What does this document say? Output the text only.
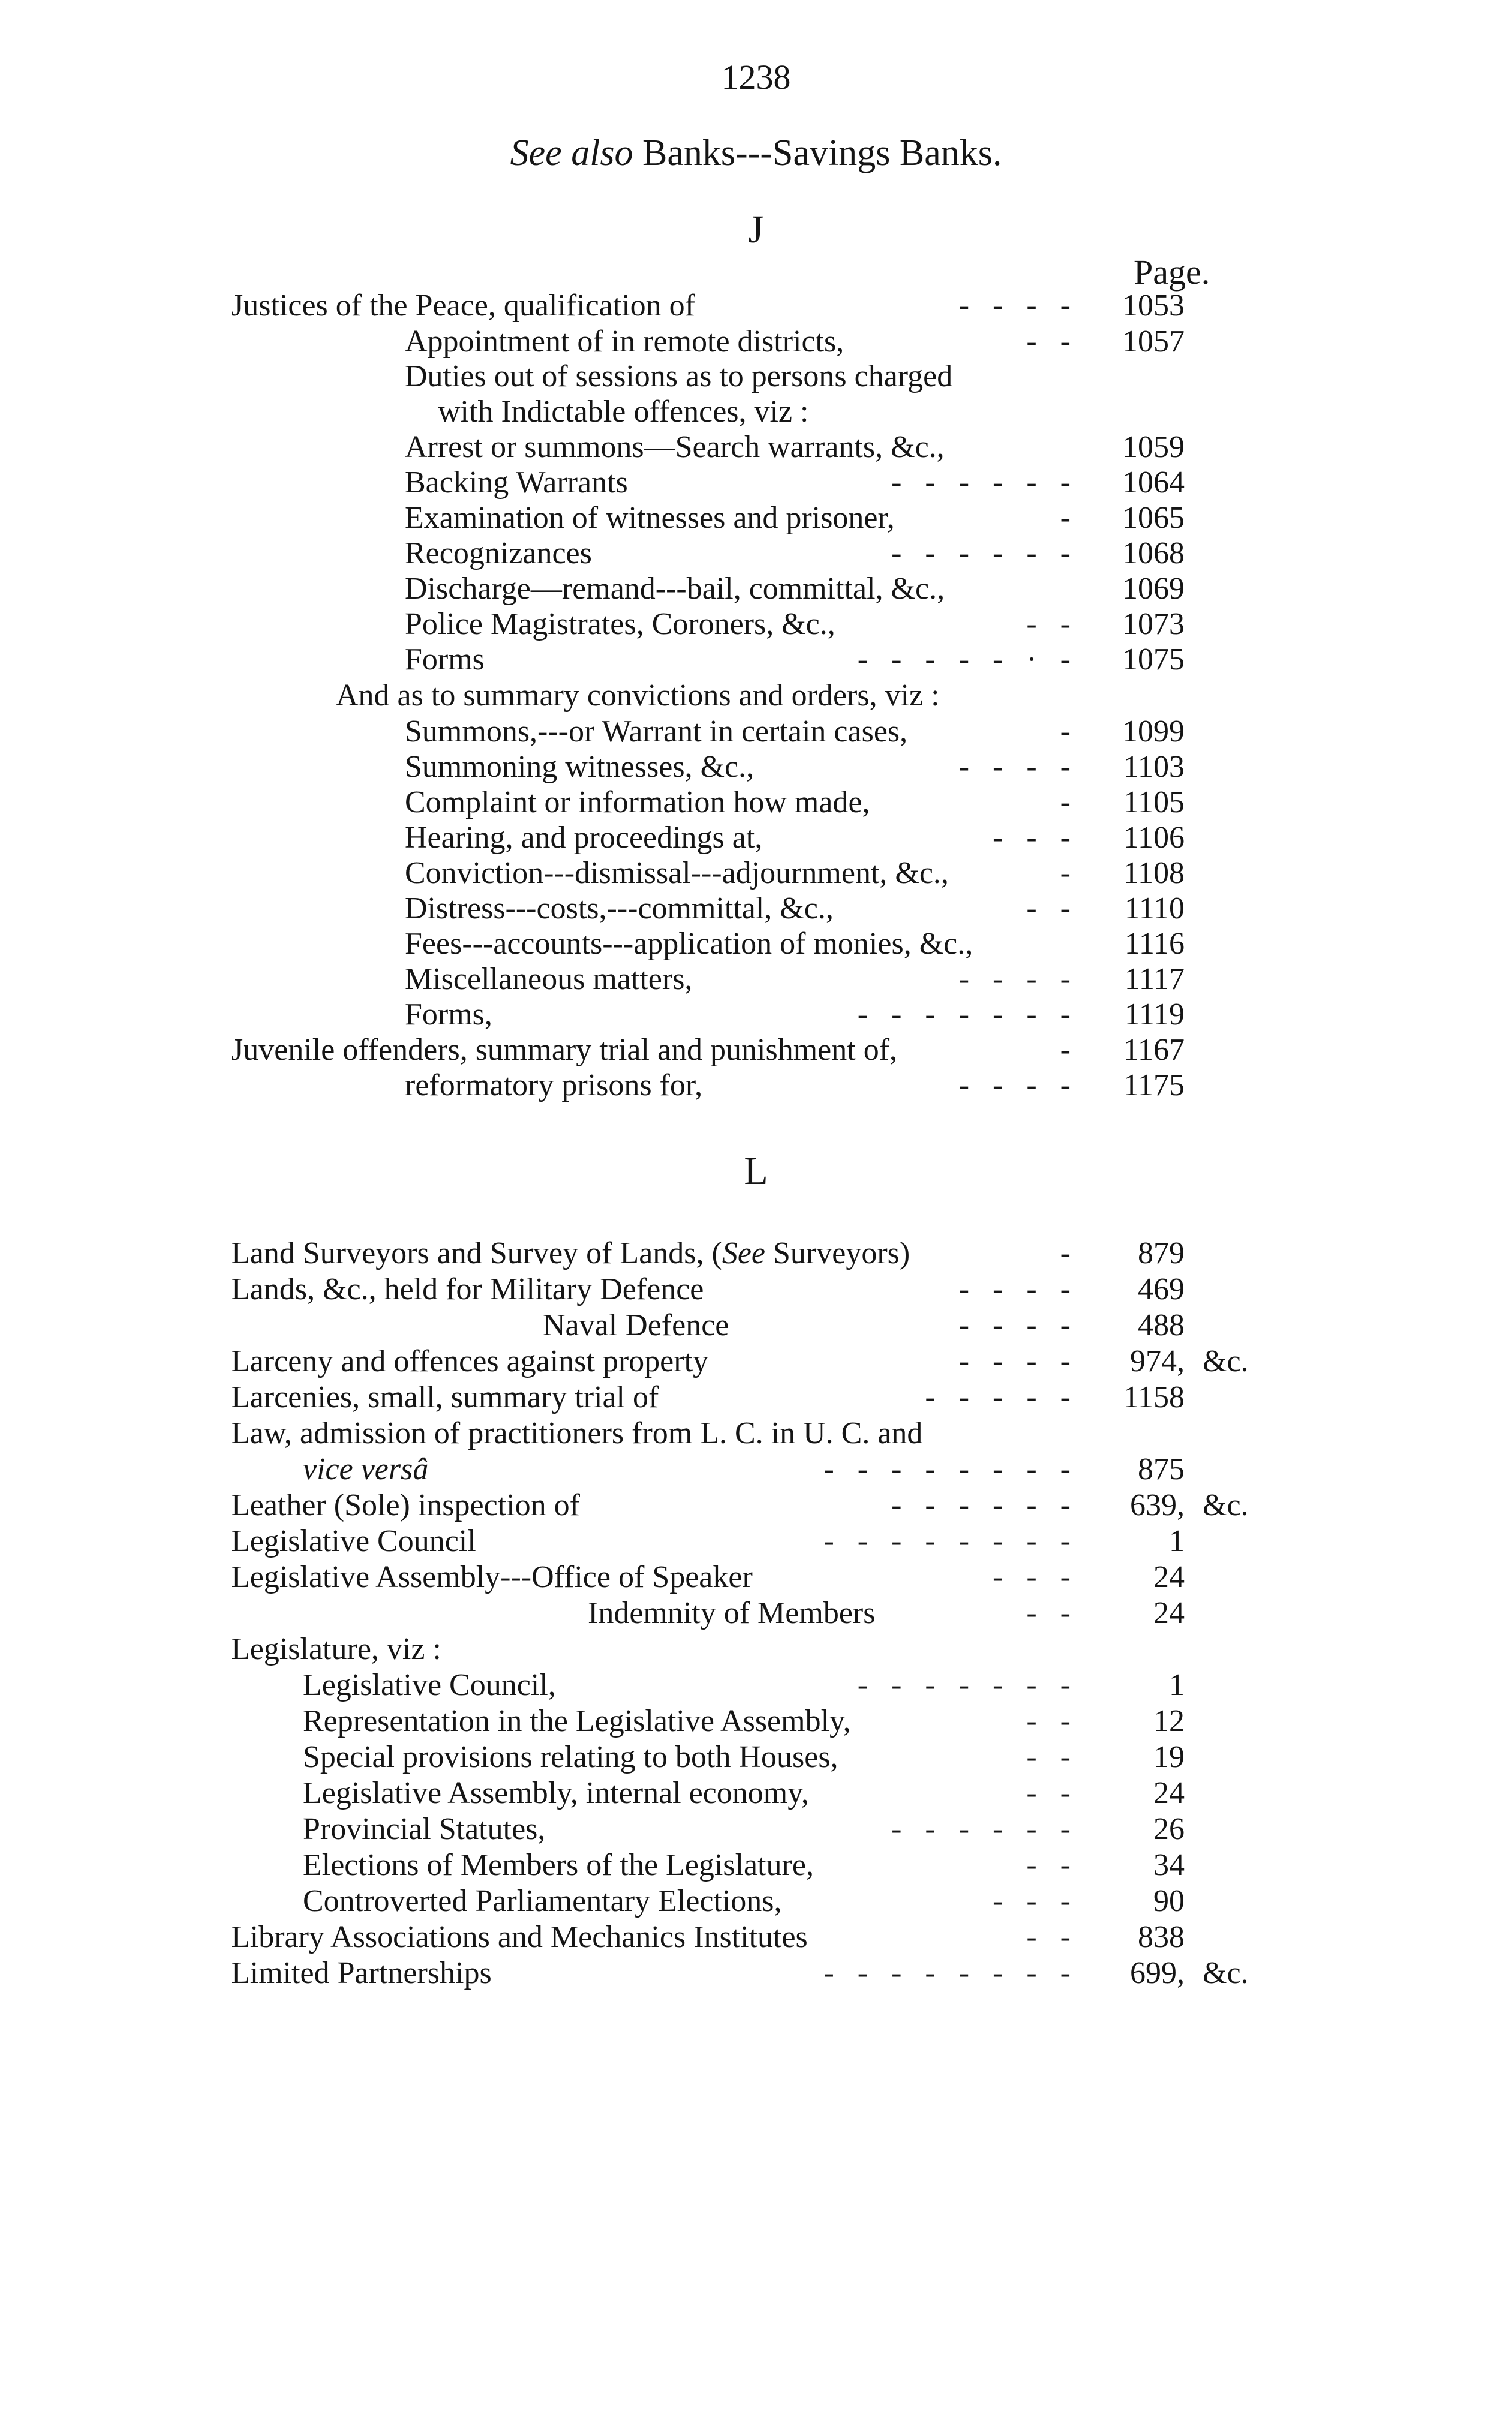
1238
See also Banks---Savings Banks.
J
Page.
Justices of the Peace, qualification of	-   -   -   - 1053
Appointment of in remote districts,	-   - 1057
Duties out of sessions as to persons charged
with Indictable offences, viz :
Arrest or summons—Search warrants, &c.,	1059
Backing Warrants	-   -   -   -   -   - 1064
Examination of witnesses and prisoner,	- 1065
Recognizances	-   -   -   -   -   - 1068
Discharge—remand---bail, committal, &c.,	1069
Police Magistrates, Coroners, &c.,	-   - 1073
Forms	-   -   -   -   -   ·   - 1075
And as to summary convictions and orders, viz :
Summons,---or Warrant in certain cases,	- 1099
Summoning witnesses, &c.,	-   -   -   - 1103
Complaint or information how made,	- 1105
Hearing, and proceedings at,	-   -   - 1106
Conviction---dismissal---adjournment, &c.,	- 1108
Distress---costs,---committal, &c.,	-   - 1110
Fees---accounts---application of monies, &c.,	1116
Miscellaneous matters,	-   -   -   - 1117
Forms,	-   -   -   -   -   -   - 1119
Juvenile offenders, summary trial and punishment of,	- 1167
reformatory prisons for,	-   -   -   - 1175
L
Land Surveyors and Survey of Lands, (See Surveyors)	- 879
Lands, &c., held for Military Defence	-   -   -   - 469
Naval Defence	-   -   -   - 488
Larceny and offences against property	-   -   -   - 974, &c.
Larcenies, small, summary trial of	-   -   -   -   - 1158
Law, admission of practitioners from L. C. in U. C. and
vice versâ	-   -   -   -   -   -   -   - 875
Leather (Sole) inspection of	-   -   -   -   -   - 639, &c.
Legislative Council	-   -   -   -   -   -   -   -	1
Legislative Assembly---Office of Speaker	-   -   -	24
Indemnity of Members	-   -	24
Legislature, viz :
Legislative Council,	-   -   -   -   -   -   -	1
Representation in the Legislative Assembly,	-   -	12
Special provisions relating to both Houses,	-   -	19
Legislative Assembly, internal economy,	-   -	24
Provincial Statutes,	-   -   -   -   -   -	26
Elections of Members of the Legislature,	-   -	34
Controverted Parliamentary Elections,	-   -   -	90
Library Associations and Mechanics Institutes	-   - 838
Limited Partnerships	-   -   -   -   -   -   -   - 699, &c.
